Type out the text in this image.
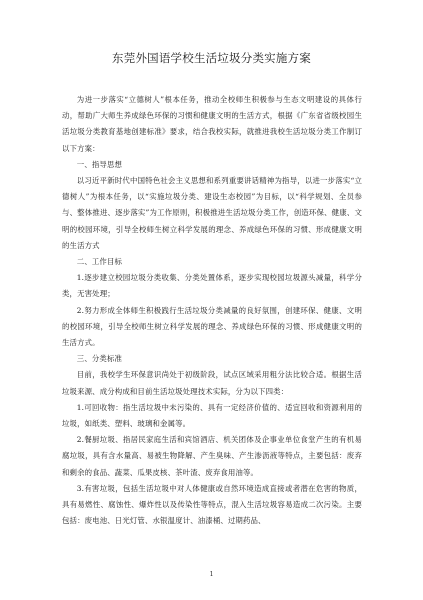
东莞外国语学校生活垃圾分类实施方案

为进一步落实“立德树人”根本任务，推动全校师生积极参与生态文明建设的具体行动，帮助广大师生养成绿色环保的习惯和健康文明的生活方式，根据《广东省省级校园生活垃圾分类教育基地创建标准》要求，结合我校实际，就推进我校生活垃圾分类工作制订以下方案：

一、指导思想

以习近平新时代中国特色社会主义思想和系列重要讲话精神为指导，以进一步落实“立德树人”为根本任务，以“实施垃圾分类、建设生态校园”为目标，以“科学规划、全员参与、整体推进、逐步落实”为工作原则，积极推进生活垃圾分类工作，创造环保、健康、文明的校园环境，引导全校师生树立科学发展的理念、养成绿色环保的习惯、形成健康文明的生活方式

二、工作目标

1.逐步建立校园垃圾分类收集、分类处置体系，逐步实现校园垃圾源头减量，科学分类，无害处理；

2.努力形成全体师生积极践行生活垃圾分类减量的良好氛围，创建环保、健康、文明的校园环境，引导全校师生树立科学发展的理念、养成绿色环保的习惯、形成健康文明的生活方式。

三、分类标准

目前，我校学生环保意识尚处于初级阶段，试点区域采用粗分法比较合适。根据生活垃圾来源、成分构成和目前生活垃圾处理技术实际，分为以下四类：

1.可回收物：指生活垃圾中未污染的、具有一定经济价值的、适宜回收和资源利用的垃圾，如纸类、塑料、玻璃和金属等。

2.餐厨垃圾、指居民家庭生活和宾馆酒店、机关团体及企事业单位食堂产生的有机易腐垃圾，具有含水量高、易被生物降解、产生臭味、产生渗沥液等特点，主要包括：废弃和剩余的食品、蔬菜、瓜果皮核、茶叶渣、废弃食用油等。

3.有害垃圾，包括生活垃圾中对人体健康或自然环境造成直接或者潜在危害的物质，具有易燃性、腐蚀性、爆炸性以及传染性等特点，混入生活垃圾容易造成二次污染。主要包括：废电池、日光灯管、水银温度计、油漆桶、过期药品、

1
